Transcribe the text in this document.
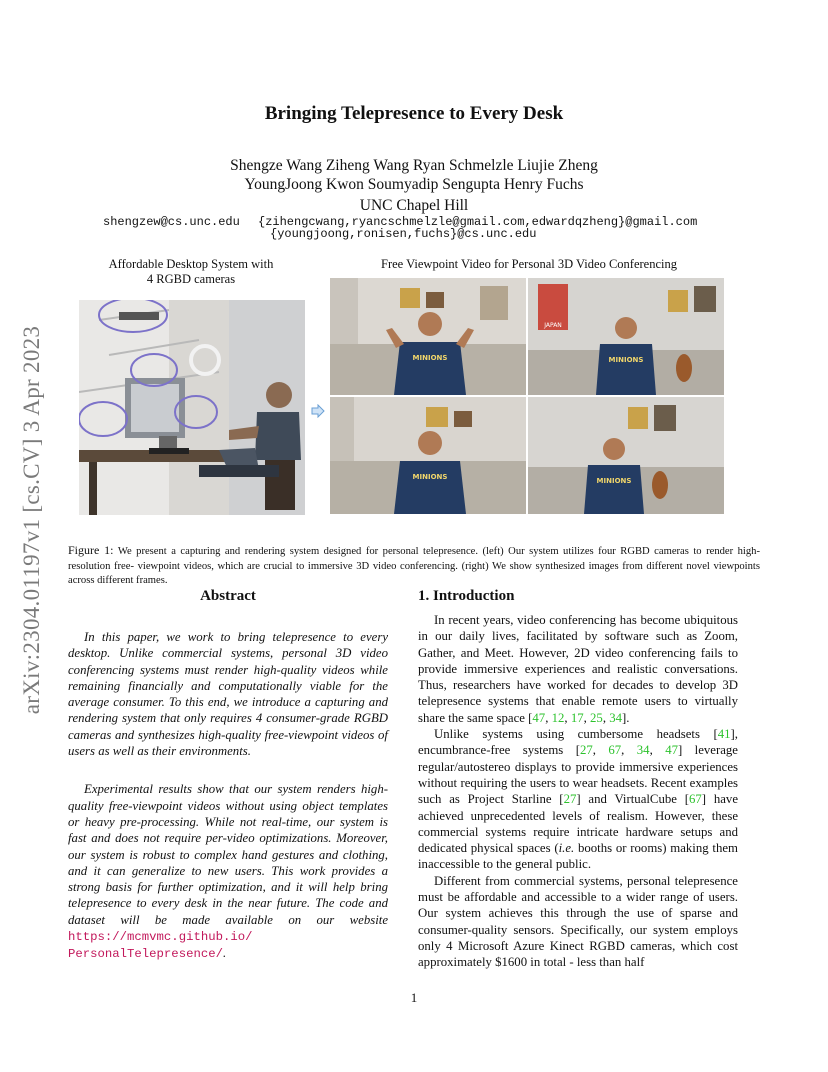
arXiv:2304.01197v1 [cs.CV] 3 Apr 2023
Bringing Telepresence to Every Desk
Shengze Wang Ziheng Wang Ryan Schmelzle Liujie Zheng
YoungJoong Kwon Soumyadip Sengupta Henry Fuchs
UNC Chapel Hill
shengzew@cs.unc.edu {zihengcwang,ryancschmelzle@gmail.com,edwardqzheng}@gmail.com
{youngjoong,ronisen,fuchs}@cs.unc.edu
Affordable Desktop System with
4 RGBD cameras
Free Viewpoint Video for Personal 3D Video Conferencing
MINIONS
JAPAN
MINIONS
MINIONS	MINIONS
Figure 1: We present a capturing and rendering system designed for personal telepresence. (left) Our system utilizes four RGBD cameras to render high-resolution free- viewpoint videos, which are crucial to immersive 3D video conferencing. (right) We show synthesized images from different novel viewpoints across different frames.
Abstract

In this paper, we work to bring telepresence to every desktop. Unlike commercial systems, personal 3D video conferencing systems must render high-quality videos while remaining financially and computationally viable for the average consumer. To this end, we introduce a capturing and rendering system that only requires 4 consumer-grade RGBD cameras and synthesizes high-quality free-viewpoint videos of users as well as their environments.

Experimental results show that our system renders high-quality free-viewpoint videos without using object templates or heavy pre-processing. While not real-time, our system is fast and does not require per-video optimizations. Moreover, our system is robust to complex hand gestures and clothing, and it can generalize to new users. This work provides a strong basis for further optimization, and it will help bring telepresence to every desk in the near future. The code and dataset will be made available on our website https://mcmvmc.github.io/ PersonalTelepresence/.

1. Introduction

In recent years, video conferencing has become ubiquitous in our daily lives, facilitated by software such as Zoom, Gather, and Meet. However, 2D video conferencing fails to provide immersive experiences and realistic conversations. Thus, researchers have worked for decades to develop 3D telepresence systems that enable remote users to virtually share the same space [47, 12, 17, 25, 34].

Unlike systems using cumbersome headsets [41], encumbrance-free systems [27, 67, 34, 47] leverage regular/autostereo displays to provide immersive experiences without requiring the users to wear headsets. Recent examples such as Project Starline [27] and VirtualCube [67] have achieved unprecedented levels of realism. However, these commercial systems require intricate hardware setups and dedicated physical spaces (i.e. booths or rooms) making them inaccessible to the general public.

Different from commercial systems, personal telepresence must be affordable and accessible to a wider range of users. Our system achieves this through the use of sparse and consumer-quality sensors. Specifically, our system employs only 4 Microsoft Azure Kinect RGBD cameras, which cost approximately $1600 in total - less than half

1
